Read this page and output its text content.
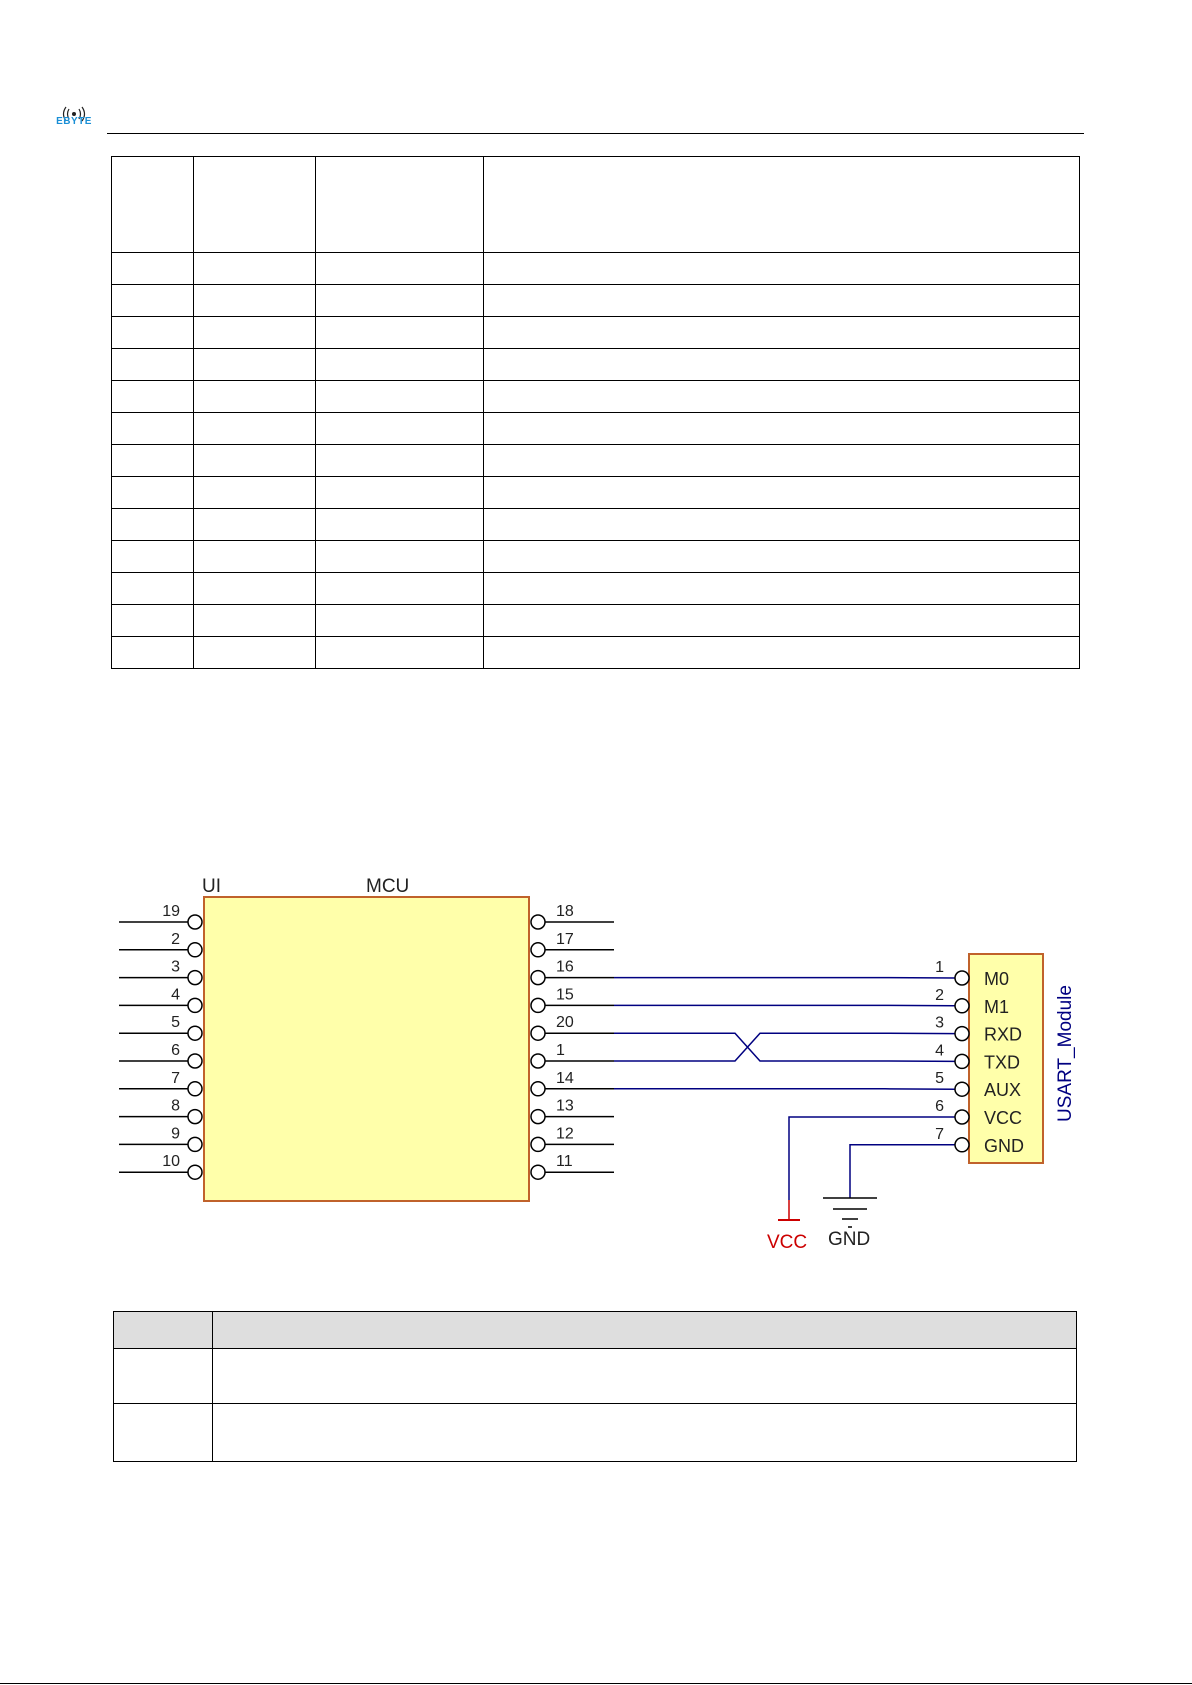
EBYTE

19
2
3
4
5
6
7
8
9
10
18
17
16
15
20
1
14
13
12
11
UI	MCU
1
M0
2
M1
3
RXD
4
TXD
5
AUX
6
VCC
7
GND
USART_Module
VCC GND
